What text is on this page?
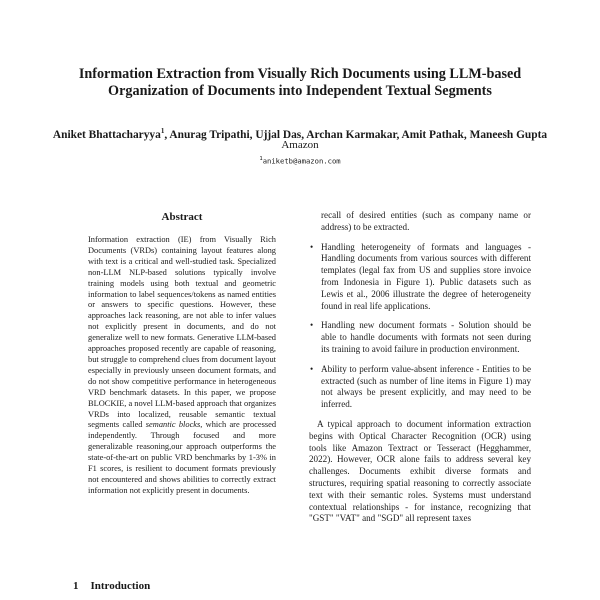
Information Extraction from Visually Rich Documents using LLM-based Organization of Documents into Independent Textual Segments
Aniket Bhattacharyya$^1$, Anurag Tripathi, Ujjal Das, Archan Karmakar, Amit Pathak, Maneesh Gupta
Amazon
$^1$aniketb@amazon.com
Abstract
Information extraction (IE) from Visually Rich Documents (VRDs) containing layout features along with text is a critical and well-studied task. Specialized non-LLM NLP-based solutions typically involve training models using both textual and geometric information to label sequences/tokens as named entities or answers to specific questions. However, these approaches lack reasoning, are not able to infer values not explicitly present in documents, and do not generalize well to new formats. Generative LLM-based approaches proposed recently are capable of reasoning, but struggle to comprehend clues from document layout especially in previously unseen document formats, and do not show competitive performance in heterogeneous VRD benchmark datasets. In this paper, we propose BLOCKIE, a novel LLM-based approach that organizes VRDs into localized, reusable semantic textual segments called semantic blocks, which are processed independently. Through focused and more generalizable reasoning,our approach outperforms the state-of-the-art on public VRD benchmarks by 1-3% in F1 scores, is resilient to document formats previously not encountered and shows abilities to correctly extract information not explicitly present in documents.
1 Introduction

recall of desired entities (such as company name or address) to be extracted.

• Handling heterogeneity of formats and languages - Handling documents from various sources with different templates (legal fax from US and supplies store invoice from Indonesia in Figure 1). Public datasets such as Lewis et al., 2006 illustrate the degree of heterogeneity found in real life applications.
• Handling new document formats - Solution should be able to handle documents with formats not seen during its training to avoid failure in production environment.
• Ability to perform value-absent inference - Entities to be extracted (such as number of line items in Figure 1) may not always be present explicitly, and may need to be inferred.

A typical approach to document information extraction begins with Optical Character Recognition (OCR) using tools like Amazon Textract or Tesseract (Hegghammer, 2022). However, OCR alone fails to address several key challenges. Documents exhibit diverse formats and structures, requiring spatial reasoning to correctly associate text with their semantic roles. Systems must understand contextual relationships - for instance, recognizing that "GST" "VAT" and "SGD" all represent taxes
